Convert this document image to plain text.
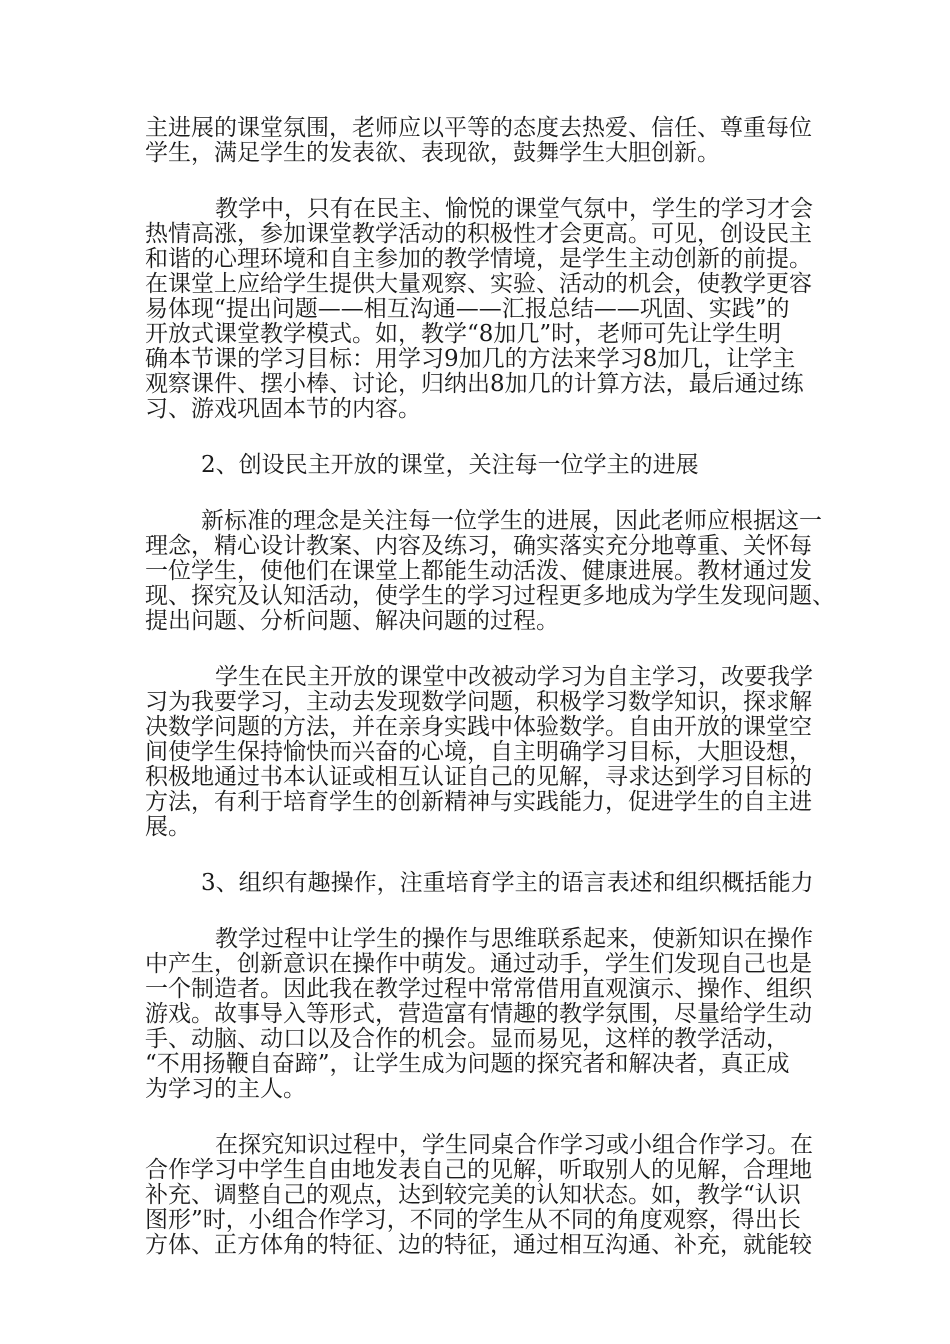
主进展的课堂氛围，老师应以平等的态度去热爱、信任、尊重每位
学生，满足学生的发表欲、表现欲，鼓舞学生大胆创新。
教学中，只有在民主、愉悦的课堂气氛中，学生的学习才会
热情高涨，参加课堂教学活动的积极性才会更高。可见，创设民主
和谐的心理环境和自主参加的教学情境，是学生主动创新的前提。
在课堂上应给学生提供大量观察、实验、活动的机会，使教学更容
易体现“提出问题——相互沟通——汇报总结——巩固、实践”的
开放式课堂教学模式。如，教学“8加几”时，老师可先让学生明
确本节课的学习目标：用学习9加几的方法来学习8加几，让学主
观察课件、摆小棒、讨论，归纳出8加几的计算方法，最后通过练
习、游戏巩固本节的内容。
2、创设民主开放的课堂，关注每一位学主的进展
新标准的理念是关注每一位学生的进展，因此老师应根据这一
理念，精心设计教案、内容及练习，确实落实充分地尊重、关怀每
一位学生，使他们在课堂上都能生动活泼、健康进展。教材通过发
现、探究及认知活动，使学生的学习过程更多地成为学生发现问题、
提出问题、分析问题、解决问题的过程。
学生在民主开放的课堂中改被动学习为自主学习，改要我学
习为我要学习，主动去发现数学问题，积极学习数学知识，探求解
决数学问题的方法，并在亲身实践中体验数学。自由开放的课堂空
间使学生保持愉快而兴奋的心境，自主明确学习目标，大胆设想，
积极地通过书本认证或相互认证自己的见解，寻求达到学习目标的
方法，有利于培育学生的创新精神与实践能力，促进学生的自主进
展。
3、组织有趣操作，注重培育学主的语言表述和组织概括能力
教学过程中让学生的操作与思维联系起来，使新知识在操作
中产生，创新意识在操作中萌发。通过动手，学生们发现自己也是
一个制造者。因此我在教学过程中常常借用直观演示、操作、组织
游戏。故事导入等形式，营造富有情趣的教学氛围，尽量给学生动
手、动脑、动口以及合作的机会。显而易见，这样的教学活动，
“不用扬鞭自奋蹄”，让学生成为问题的探究者和解决者，真正成
为学习的主人。
在探究知识过程中，学生同桌合作学习或小组合作学习。在
合作学习中学生自由地发表自己的见解，听取别人的见解，合理地
补充、调整自己的观点，达到较完美的认知状态。如，教学“认识
图形”时，小组合作学习，不同的学生从不同的角度观察，得出长
方体、正方体角的特征、边的特征，通过相互沟通、补充，就能较
